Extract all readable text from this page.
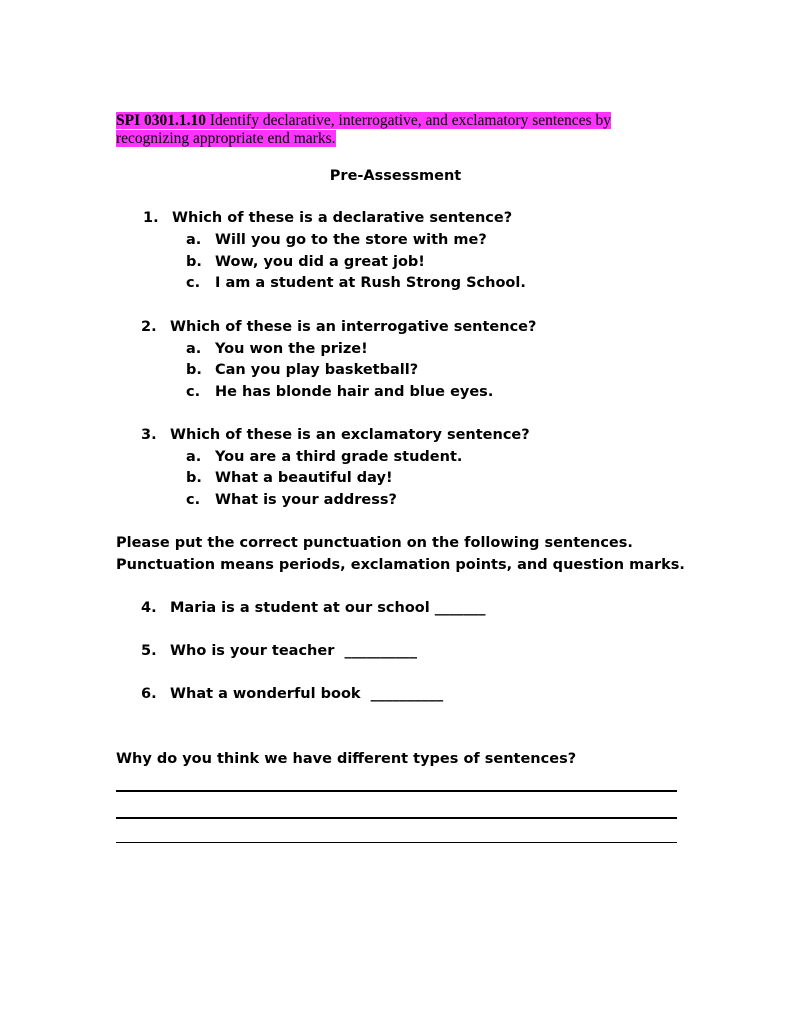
SPI 0301.1.10 Identify declarative, interrogative, and exclamatory sentences by recognizing appropriate end marks.
Pre-Assessment
1. Which of these is a declarative sentence?
a. Will you go to the store with me?
b. Wow, you did a great job!
c. I am a student at Rush Strong School.
2. Which of these is an interrogative sentence?
a. You won the prize!
b. Can you play basketball?
c. He has blonde hair and blue eyes.
3. Which of these is an exclamatory sentence?
a. You are a third grade student.
b. What a beautiful day!
c. What is your address?
Please put the correct punctuation on the following sentences.
Punctuation means periods, exclamation points, and question marks.
4. Maria is a student at our school _______
5. Who is your teacher  __________
6. What a wonderful book  __________
Why do you think we have different types of sentences?
